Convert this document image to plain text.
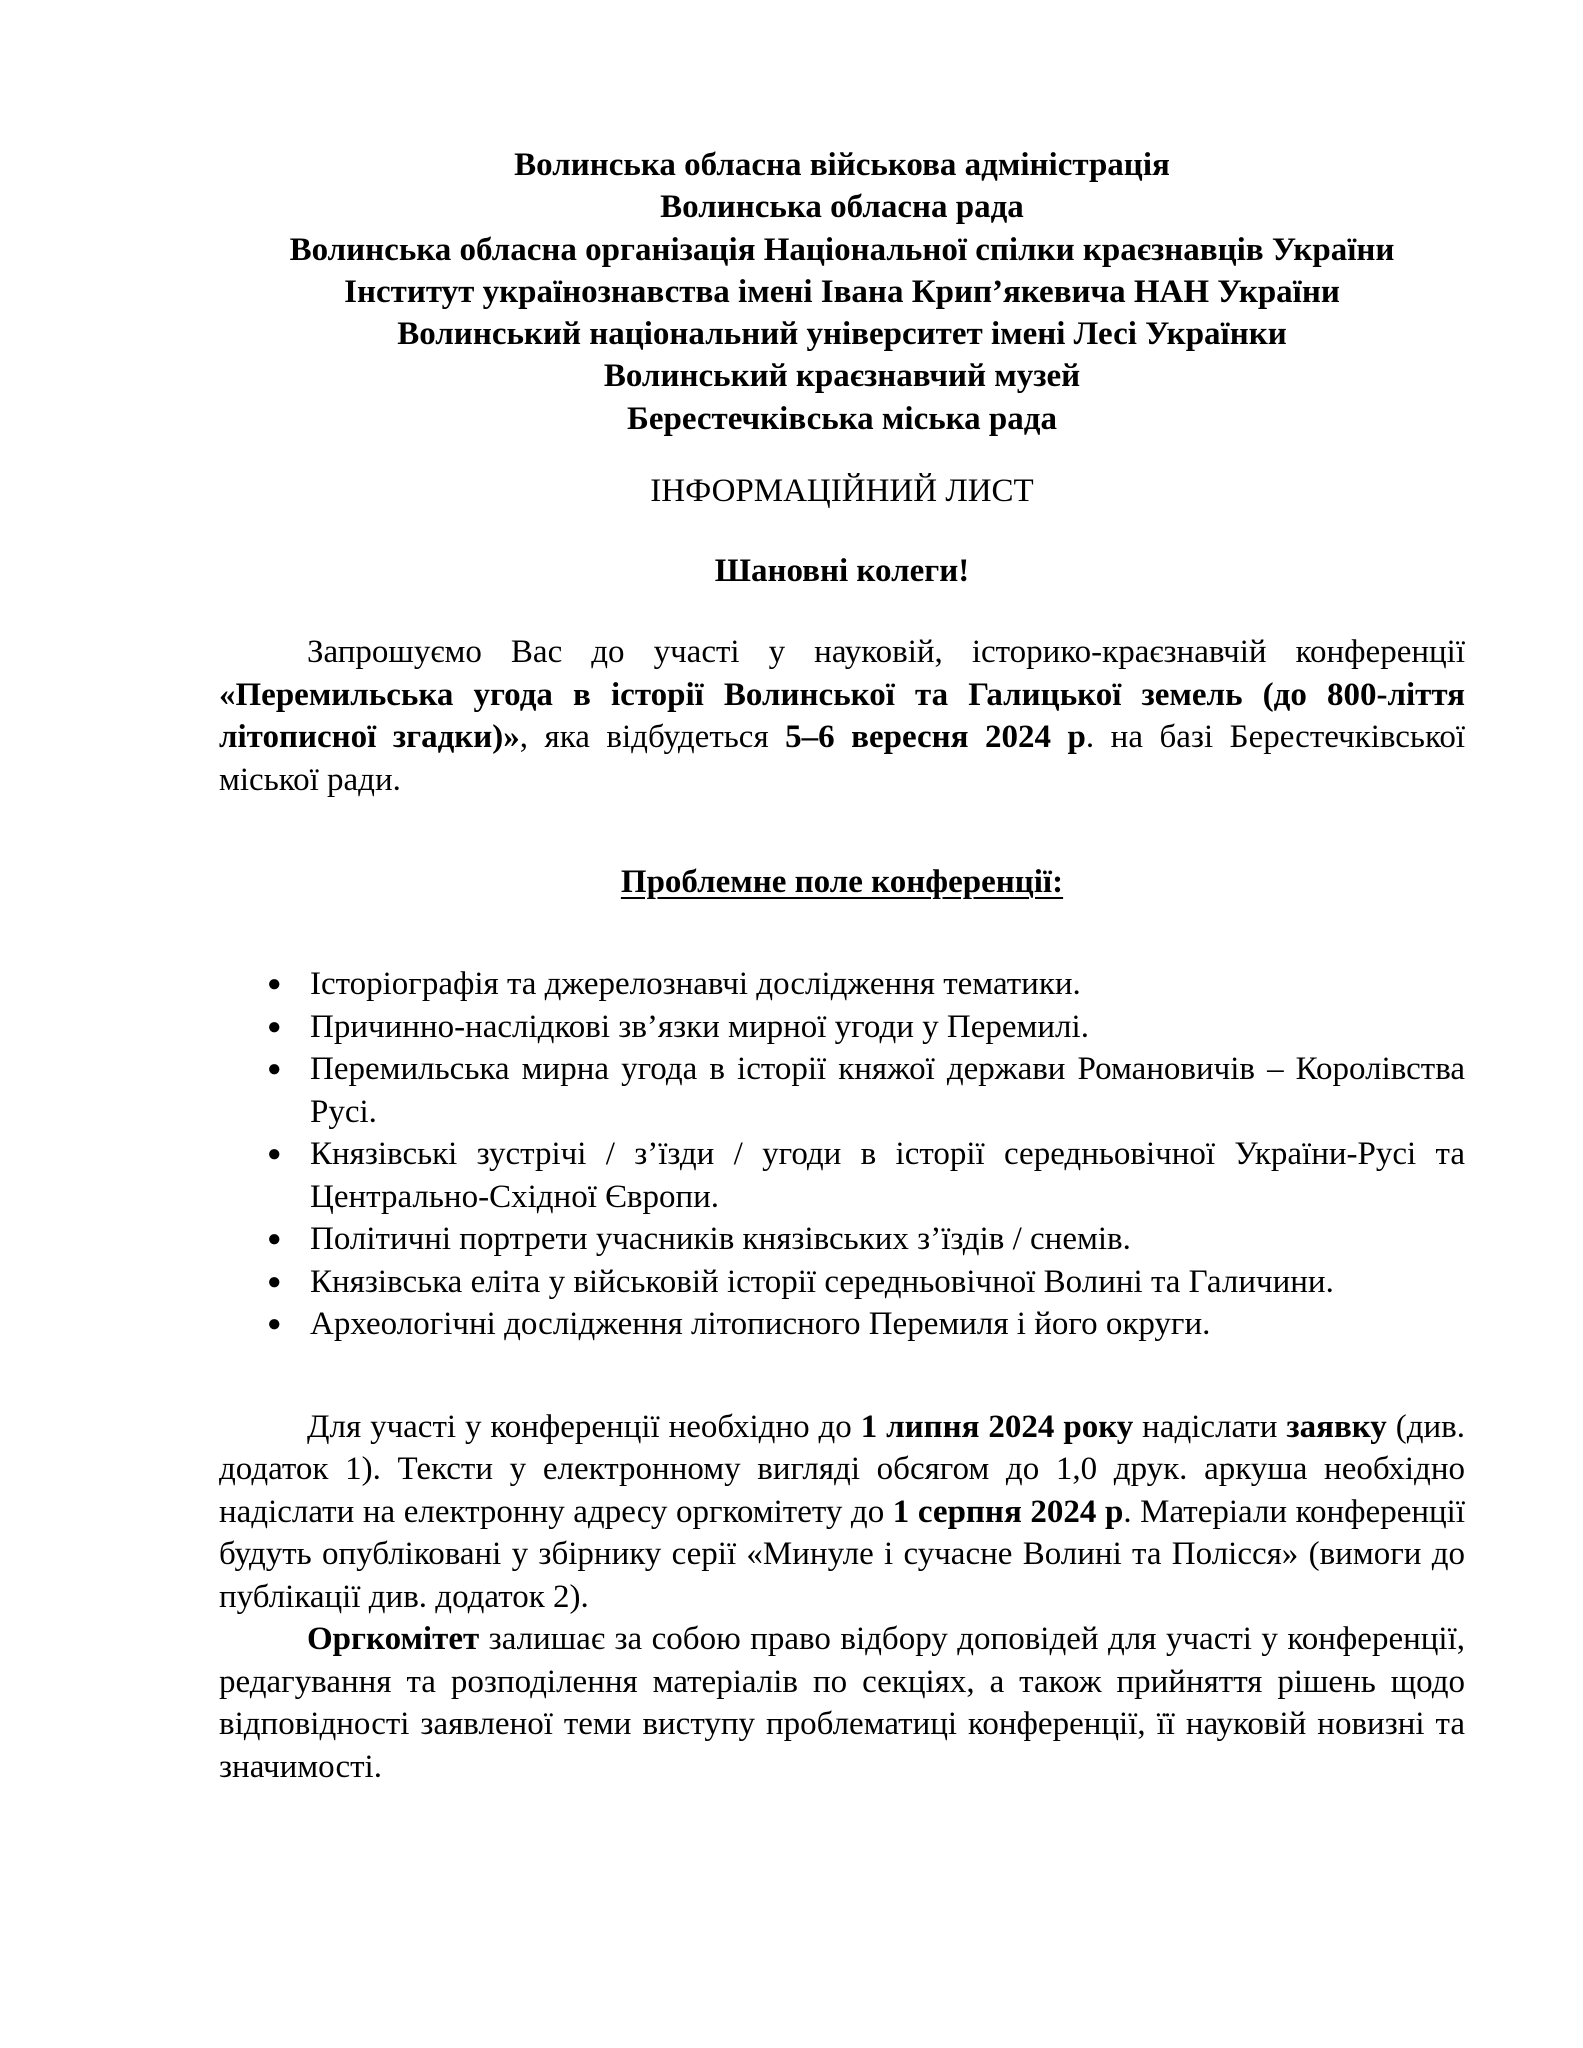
Волинська обласна військова адміністрація
Волинська обласна рада
Волинська обласна організація Національної спілки краєзнавців України
Інститут українознавства імені Івана Крип’якевича НАН України
Волинський національний університет імені Лесі Українки
Волинський краєзнавчий музей
Берестечківська міська рада
ІНФОРМАЦІЙНИЙ ЛИСТ
Шановні колеги!

Запрошуємо Вас до участі у науковій, історико-краєзнавчій конференції «Перемильська угода в історії Волинської та Галицької земель (до 800-ліття літописної згадки)», яка відбудеться 5–6 вересня 2024 р. на базі Берестечківської міської ради.

Проблемне поле конференції:
● Історіографія та джерелознавчі дослідження тематики.
● Причинно-наслідкові зв’язки мирної угоди у Перемилі.
● Перемильська мирна угода в історії княжої держави Романовичів – Королівства Русі.
● Князівські зустрічі / з’їзди / угоди в історії середньовічної України-Русі та Центрально-Східної Європи.
● Політичні портрети учасників князівських з’їздів / снемів.
● Князівська еліта у військовій історії середньовічної Волині та Галичини.
● Археологічні дослідження літописного Перемиля і його округи.

Для участі у конференції необхідно до 1 липня 2024 року надіслати заявку (див. додаток 1). Тексти у електронному вигляді обсягом до 1,0 друк. аркуша необхідно надіслати на електронну адресу оргкомітету до 1 серпня 2024 р. Матеріали конференції будуть опубліковані у збірнику серії «Минуле і сучасне Волині та Полісся» (вимоги до публікації див. додаток 2).

Оргкомітет залишає за собою право відбору доповідей для участі у конференції, редагування та розподілення матеріалів по секціях, а також прийняття рішень щодо відповідності заявленої теми виступу проблематиці конференції, її науковій новизні та значимості.
